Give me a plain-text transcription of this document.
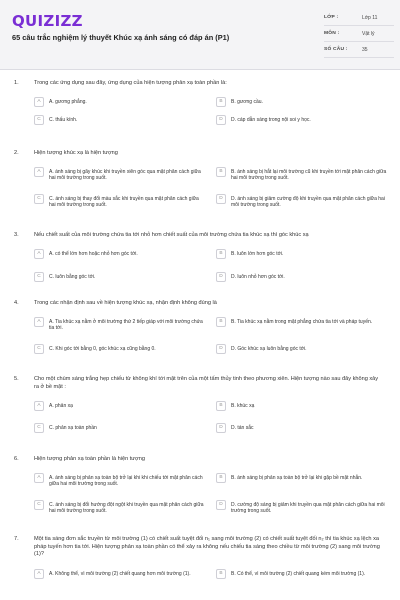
QUIZIZZ
65 câu trắc nghiệm lý thuyết Khúc xạ ánh sáng có đáp án (P1)
LỚP :	Lớp 11
MÔN :	Vật lý
SỐ CÂU :	35
1.	Trong các ứng dụng sau đây, ứng dụng của hiện tượng phản xạ toàn phần là:
A	A. gương phẳng.	B	B. gương cầu.
C	C. thấu kính.	D	D. cáp dẫn sáng trong nội soi y học.
2.	Hiện tượng khúc xạ là hiện tượng
A	A. ánh sáng bị gãy khúc khi truyền xiên góc qua mặt phân cách giữa hai môi trường trong suốt.
B	B. ánh sáng bị hắt lại môi trường cũ khi truyền tới mặt phân cách giữa hai môi trường trong suốt.
C	C. ánh sáng bị thay đổi màu sắc khi truyền qua mặt phân cách giữa hai môi trường trong suốt.
D	D. ánh sáng bị giảm cường độ khi truyền qua mặt phân cách giữa hai môi trường trong suốt.
3.	Nếu chiết suất của môi trường chứa tia tới nhỏ hơn chiết suất của môi trường chứa tia khúc xạ thì góc khúc xạ
A	A. có thể lớn hơn hoặc nhỏ hơn góc tới.	B	B. luôn lớn hơn góc tới.
C	C. luôn bằng góc tới.	D	D. luôn nhỏ hơn góc tới.
4.	Trong các nhận định sau về hiện tượng khúc xạ, nhận định không đúng là
A	A. Tia khúc xạ nằm ở môi trường thứ 2 tiếp giáp với môi trường chứa tia tới.
B	B. Tia khúc xạ nằm trong mặt phẳng chứa tia tới và pháp tuyến.
C	C. Khi góc tới bằng 0, góc khúc xạ cũng bằng 0.	D	D. Góc khúc xạ luôn bằng góc tới.
5.	Cho một chùm sáng trắng hẹp chiếu từ không khí tới mặt trên của một tấm thủy tinh theo phương xiên. Hiện tượng nào sau đây không xảy ra ở bề mặt :
A	A. phản xạ	B	B. khúc xạ
C	C. phản xạ toàn phần	D	D. tán sắc
6.	Hiện tượng phản xạ toàn phần là hiện tượng
A	A. ánh sáng bị phản xạ toàn bộ trở lại khi khi chiếu tới mặt phân cách giữa hai môi trường trong suốt.
B	B. ánh sáng bị phản xạ toàn bộ trở lại khi gặp bề mặt nhẵn.
C	C. ánh sáng bị đổi hướng đột ngột khi truyền qua mặt phân cách giữa hai môi trường trong suốt.
D	D. cường độ sáng bị giảm khi truyền qua mặt phân cách giữa hai môi trường trong suốt.
7.	Một tia sáng đơn sắc truyền từ môi trường (1) có chiết suất tuyệt đối n₁ sang môi trường (2) có chiết suất tuyệt đối n₂ thì tia khúc xạ lệch xa pháp tuyến hơn tia tới. Hiện tượng phản xạ toàn phần có thể xảy ra không nếu chiếu tia sáng theo chiều từ môi trường (2) sang môi trường (1)?
A	A. Không thể, vì môi trường (2) chiết quang hơn môi trường (1).	B	B. Có thể, vì môi trường (2) chiết quang kém môi trường (1).
